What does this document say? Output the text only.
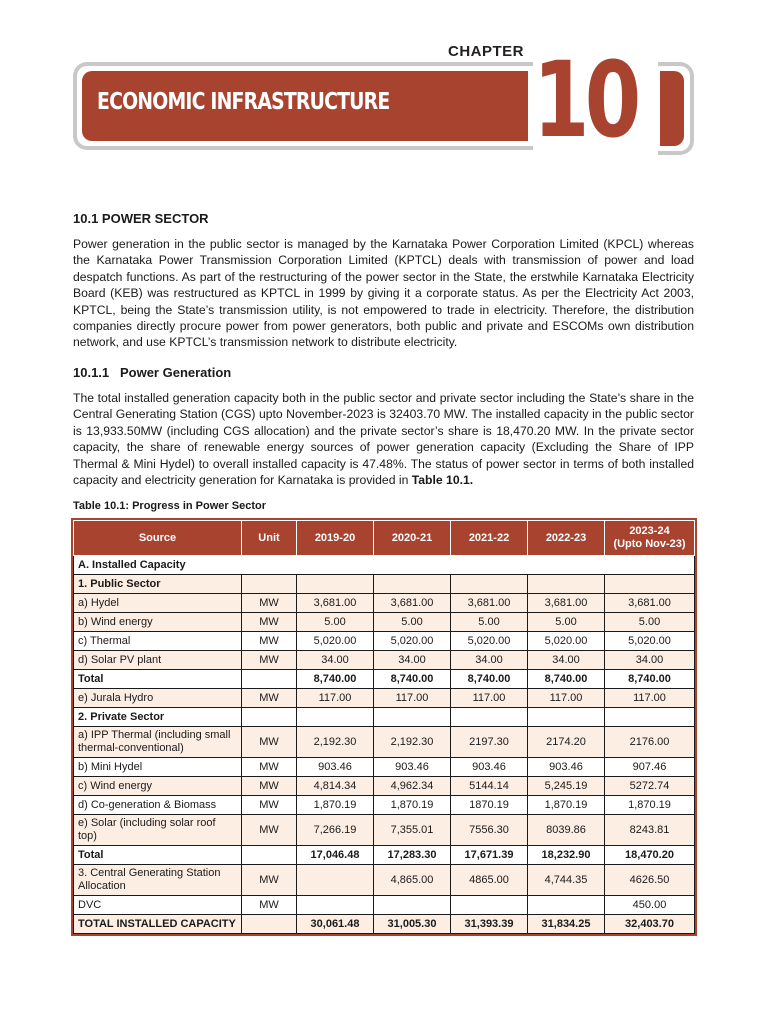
CHAPTER
ECONOMIC INFRASTRUCTURE 10
10.1 POWER SECTOR

Power generation in the public sector is managed by the Karnataka Power Corporation Limited (KPCL) whereas the Karnataka Power Transmission Corporation Limited (KPTCL) deals with transmission of power and load despatch functions. As part of the restructuring of the power sector in the State, the erstwhile Karnataka Electricity Board (KEB) was restructured as KPTCL in 1999 by giving it a corporate status. As per the Electricity Act 2003, KPTCL, being the State’s transmission utility, is not empowered to trade in electricity. Therefore, the distribution companies directly procure power from power generators, both public and private and ESCOMs own distribution network, and use KPTCL’s transmission network to distribute electricity.

10.1.1   Power Generation

The total installed generation capacity both in the public sector and private sector including the State’s share in the Central Generating Station (CGS) upto November-2023 is 32403.70 MW. The installed capacity in the public sector is 13,933.50MW (including CGS allocation) and the private sector’s share is 18,470.20 MW. In the private sector capacity, the share of renewable energy sources of power generation capacity (Excluding the Share of IPP Thermal & Mini Hydel) to overall installed capacity is 47.48%. The status of power sector in terms of both installed capacity and electricity generation for Karnataka is provided in Table 10.1.

Table 10.1: Progress in Power Sector
Source	Unit	2019-20	2020-21	2021-22	2022-23	2023-24
(Upto Nov-23)
A. Installed Capacity						
1. Public Sector						
a) Hydel	MW	3,681.00	3,681.00	3,681.00	3,681.00	3,681.00
b) Wind energy	MW	5.00	5.00	5.00	5.00	5.00
c) Thermal	MW	5,020.00	5,020.00	5,020.00	5,020.00	5,020.00
d) Solar PV plant	MW	34.00	34.00	34.00	34.00	34.00
Total		8,740.00	8,740.00	8,740.00	8,740.00	8,740.00
e) Jurala Hydro	MW	117.00	117.00	117.00	117.00	117.00
2. Private Sector						
a) IPP Thermal (including small thermal-conventional)	MW	2,192.30	2,192.30	2197.30	2174.20	2176.00
b) Mini Hydel	MW	903.46	903.46	903.46	903.46	907.46
c) Wind energy	MW	4,814.34	4,962.34	5144.14	5,245.19	5272.74
d) Co-generation & Biomass	MW	1,870.19	1,870.19	1870.19	1,870.19	1,870.19
e) Solar (including solar roof top)	MW	7,266.19	7,355.01	7556.30	8039.86	8243.81
Total		17,046.48	17,283.30	17,671.39	18,232.90	18,470.20
3. Central Generating Station Allocation	MW		4,865.00	4865.00	4,744.35	4626.50
DVC	MW					450.00
TOTAL INSTALLED CAPACITY		30,061.48	31,005.30	31,393.39	31,834.25	32,403.70
